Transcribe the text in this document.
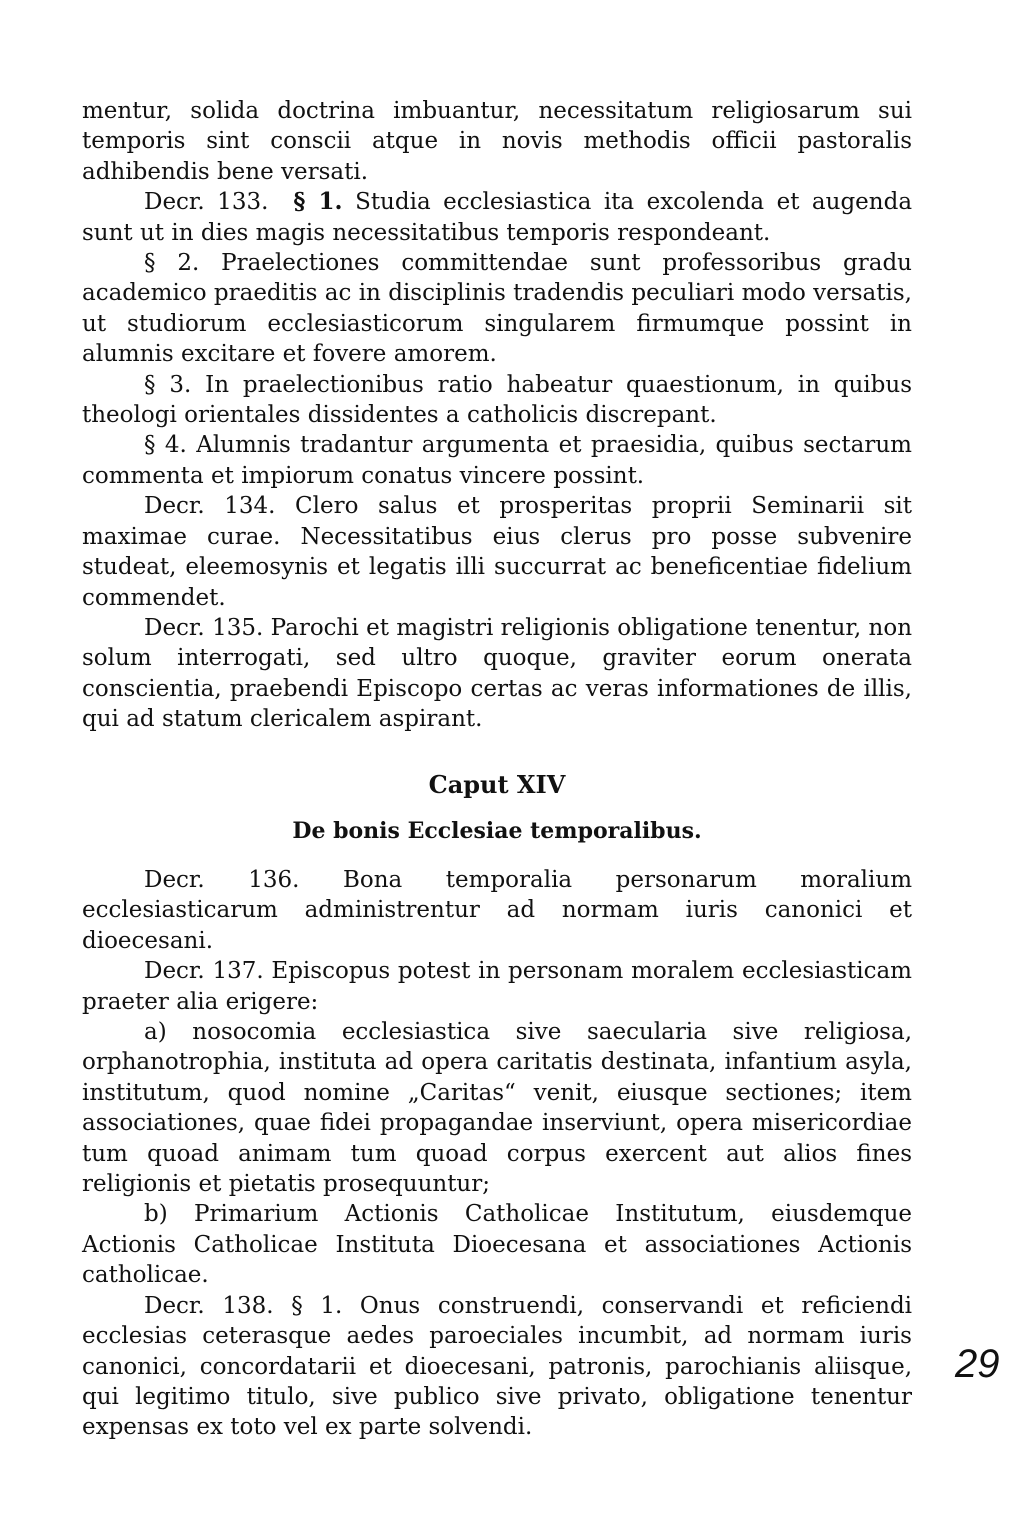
mentur, solida doctrina imbuantur, necessitatum religiosarum sui temporis sint conscii atque in novis methodis officii pastoralis adhibendis bene versati.

Decr. 133. § 1. Studia ecclesiastica ita excolenda et augenda sunt ut in dies magis necessitatibus temporis respondeant.

§ 2. Praelectiones committendae sunt professoribus gradu academico praeditis ac in disciplinis tradendis peculiari modo versatis, ut studiorum ecclesiasticorum singularem firmumque possint in alumnis excitare et fovere amorem.

§ 3. In praelectionibus ratio habeatur quaestionum, in quibus theologi orientales dissidentes a catholicis discrepant.

§ 4. Alumnis tradantur argumenta et praesidia, quibus sectarum commenta et impiorum conatus vincere possint.

Decr. 134. Clero salus et prosperitas proprii Seminarii sit maximae curae. Necessitatibus eius clerus pro posse subvenire studeat, eleemosynis et legatis illi succurrat ac beneficentiae fidelium commendet.

Decr. 135. Parochi et magistri religionis obligatione tenentur, non solum interrogati, sed ultro quoque, graviter eorum onerata conscientia, praebendi Episcopo certas ac veras informationes de illis, qui ad statum clericalem aspirant.

Caput XIV
De bonis Ecclesiae temporalibus.

Decr. 136. Bona temporalia personarum moralium ecclesiasticarum administrentur ad normam iuris canonici et dioecesani.

Decr. 137. Episcopus potest in personam moralem ecclesiasticam praeter alia erigere:

a) nosocomia ecclesiastica sive saecularia sive religiosa, orphanotrophia, instituta ad opera caritatis destinata, infantium asyla, institutum, quod nomine „Caritas“ venit, eiusque sectiones; item associationes, quae fidei propagandae inserviunt, opera misericordiae tum quoad animam tum quoad corpus exercent aut alios fines religionis et pietatis prosequuntur;

b) Primarium Actionis Catholicae Institutum, eiusdemque Actionis Catholicae Instituta Dioecesana et associationes Actionis catholicae.

Decr. 138. § 1. Onus construendi, conservandi et reficiendi ecclesias ceterasque aedes paroeciales incumbit, ad normam iuris canonici, concordatarii et dioecesani, patronis, parochianis aliisque, qui legitimo titulo, sive publico sive privato, obligatione tenentur expensas ex toto vel ex parte solvendi.

29
